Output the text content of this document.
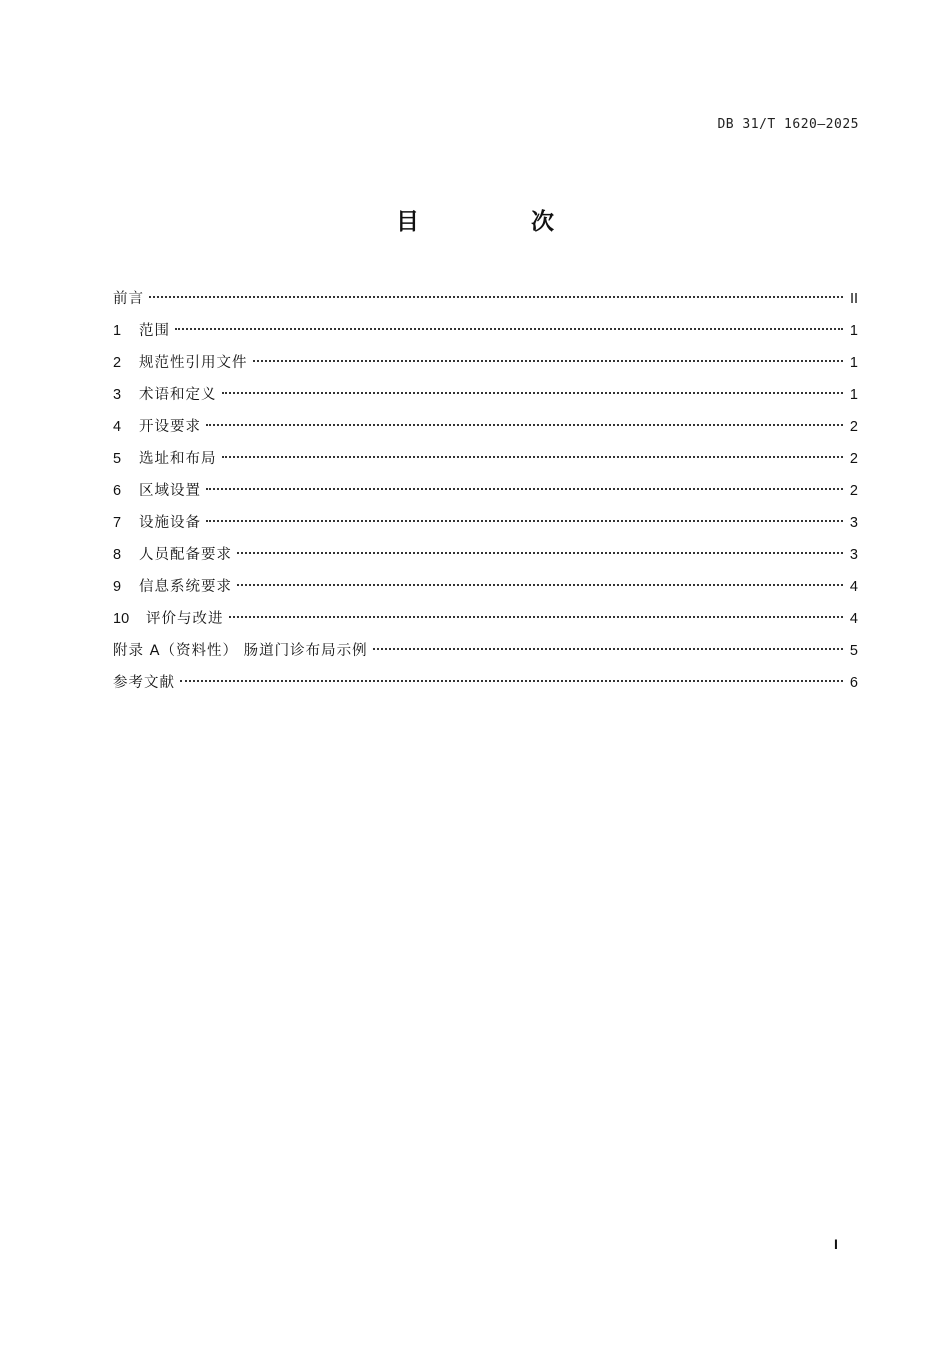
DB 31/T 1620—2025
目 次
前言	II
1	范围	1
2	规范性引用文件	1
3	术语和定义	1
4	开设要求	2
5	选址和布局	2
6	区域设置	2
7	设施设备	3
8	人员配备要求	3
9	信息系统要求	4
10	评价与改进	4
附录 A（资料性） 肠道门诊布局示例	5
参考文献	6
I
